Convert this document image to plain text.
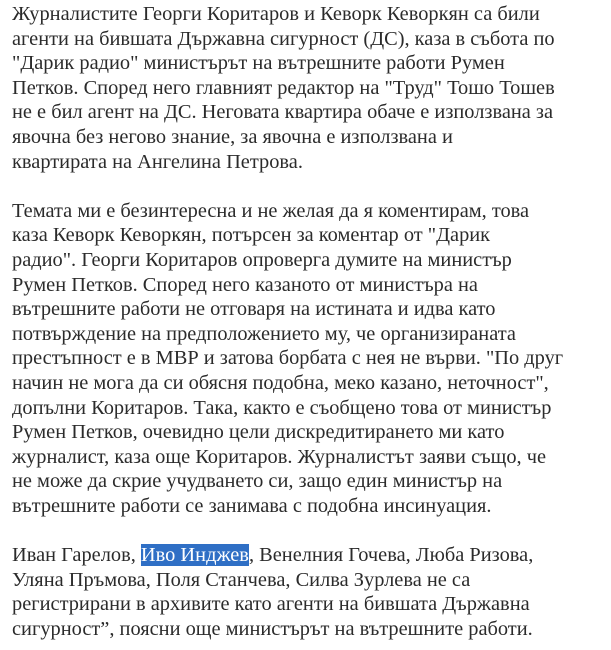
Журналистите Георги Коритаров и Кеворк Кеворкян са били
агенти на бившата Държавна сигурност (ДС), каза в събота по
"Дарик радио" министърът на вътрешните работи Румен
Петков. Според него главният редактор на "Труд" Тошо Тошев
не е бил агент на ДС. Неговата квартира обаче е използвана за
явочна без негово знание, за явочна е използвана и
квартирата на Ангелина Петрова.

Темата ми е безинтересна и не желая да я коментирам, това
каза Кеворк Кеворкян, потърсен за коментар от "Дарик
радио". Георги Коритаров опроверга думите на министър
Румен Петков. Според него казаното от министъра на
вътрешните работи не отговаря на истината и идва като
потвърждение на предположението му, че организираната
престъпност е в МВР и затова борбата с нея не върви. "По друг
начин не мога да си обясня подобна, меко казано, неточност",
допълни Коритаров. Така, както е съобщено това от министър
Румен Петков, очевидно цели дискредитирането ми като
журналист, каза още Коритаров. Журналистът заяви също, че
не може да скрие учудването си, защо един министър на
вътрешните работи се занимава с подобна инсинуация.

Иван Гарелов, Иво Инджев, Венелния Гочева, Люба Ризова,
Уляна Пръмова, Поля Станчева, Силва Зурлева не са
регистрирани в архивите като агенти на бившата Държавна
сигурност”, поясни още министърът на вътрешните работи.
